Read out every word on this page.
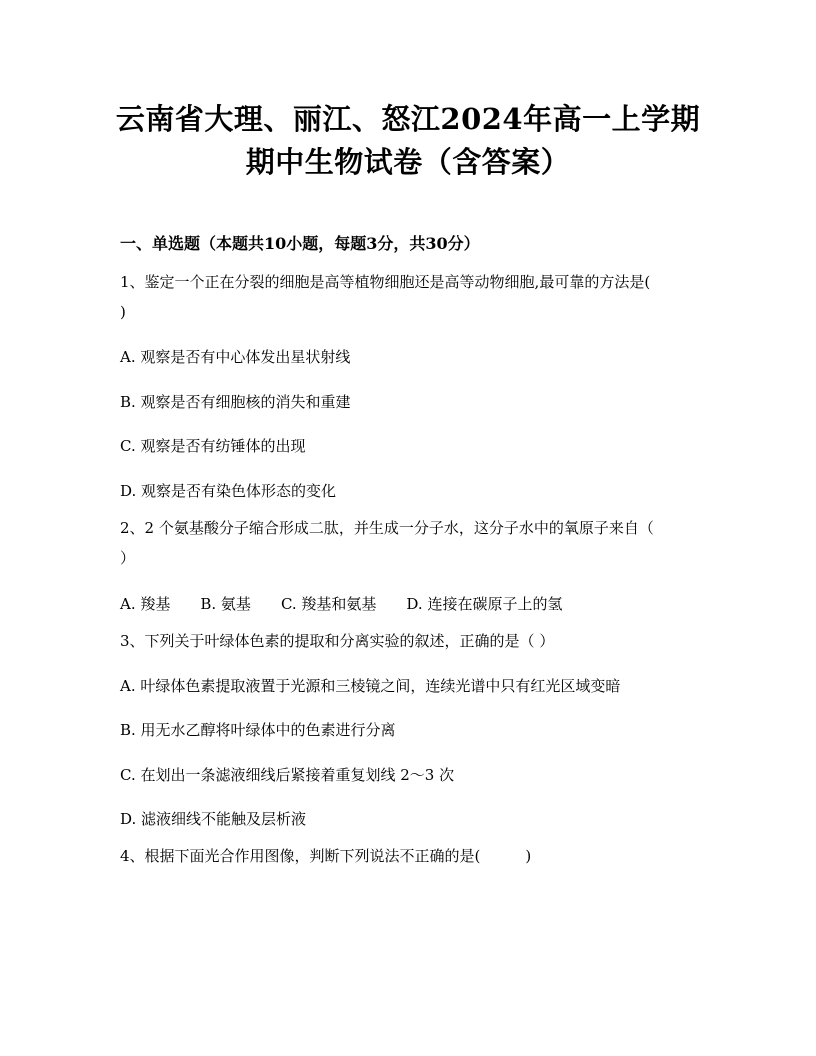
云南省大理、丽江、怒江2024年高一上学期
期中生物试卷（含答案）
一、单选题（本题共10小题，每题3分，共30分）
1、鉴定一个正在分裂的细胞是高等植物细胞还是高等动物细胞,最可靠的方法是(
)
A. 观察是否有中心体发出星状射线
B. 观察是否有细胞核的消失和重建
C. 观察是否有纺锤体的出现
D. 观察是否有染色体形态的变化
2、2 个氨基酸分子缩合形成二肽，并生成一分子水，这分子水中的氧原子来自（
）
A. 羧基 B. 氨基 C. 羧基和氨基 D. 连接在碳原子上的氢
3、下列关于叶绿体色素的提取和分离实验的叙述，正确的是（ ）
A. 叶绿体色素提取液置于光源和三棱镜之间，连续光谱中只有红光区域变暗
B. 用无水乙醇将叶绿体中的色素进行分离
C. 在划出一条滤液细线后紧接着重复划线 2～3 次
D. 滤液细线不能触及层析液
4、根据下面光合作用图像，判断下列说法不正确的是(　　　)
